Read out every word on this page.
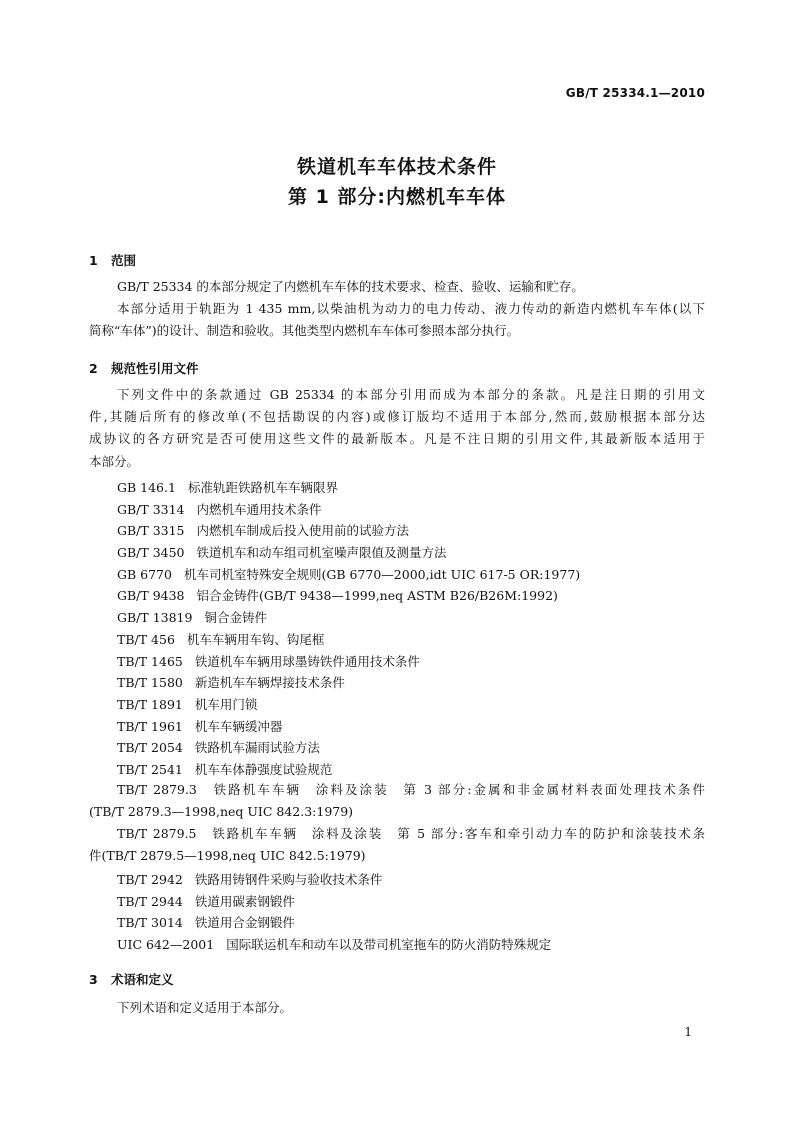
GB/T 25334.1—2010
铁道机车车体技术条件
第 1 部分:内燃机车车体
1 范围
GB/T 25334 的本部分规定了内燃机车车体的技术要求、检查、验收、运输和贮存。
本部分适用于轨距为 1 435 mm,以柴油机为动力的电力传动、液力传动的新造内燃机车车体(以下
简称“车体”)的设计、制造和验收。其他类型内燃机车车体可参照本部分执行。
2 规范性引用文件
下列文件中的条款通过 GB 25334 的本部分引用而成为本部分的条款。凡是注日期的引用文
件,其随后所有的修改单(不包括勘误的内容)或修订版均不适用于本部分,然而,鼓励根据本部分达
成协议的各方研究是否可使用这些文件的最新版本。凡是不注日期的引用文件,其最新版本适用于
本部分。
GB 146.1 标准轨距铁路机车车辆限界
GB/T 3314 内燃机车通用技术条件
GB/T 3315 内燃机车制成后投入使用前的试验方法
GB/T 3450 铁道机车和动车组司机室噪声限值及测量方法
GB 6770 机车司机室特殊安全规则(GB 6770—2000,idt UIC 617-5 OR:1977)
GB/T 9438 铝合金铸件(GB/T 9438—1999,neq ASTM B26/B26M:1992)
GB/T 13819 铜合金铸件
TB/T 456 机车车辆用车钩、钩尾框
TB/T 1465 铁道机车车辆用球墨铸铁件通用技术条件
TB/T 1580 新造机车车辆焊接技术条件
TB/T 1891 机车用门锁
TB/T 1961 机车车辆缓冲器
TB/T 2054 铁路机车漏雨试验方法
TB/T 2541 机车车体静强度试验规范
TB/T 2879.3　铁路机车车辆　涂料及涂装　第 3 部分:金属和非金属材料表面处理技术条件
(TB/T 2879.3—1998,neq UIC 842.3:1979)
TB/T 2879.5　铁路机车车辆　涂料及涂装　第 5 部分:客车和牵引动力车的防护和涂装技术条
件(TB/T 2879.5—1998,neq UIC 842.5:1979)
TB/T 2942 铁路用铸钢件采购与验收技术条件
TB/T 2944 铁道用碳素钢锻件
TB/T 3014 铁道用合金钢锻件
UIC 642—2001 国际联运机车和动车以及带司机室拖车的防火消防特殊规定
3 术语和定义
下列术语和定义适用于本部分。
1
